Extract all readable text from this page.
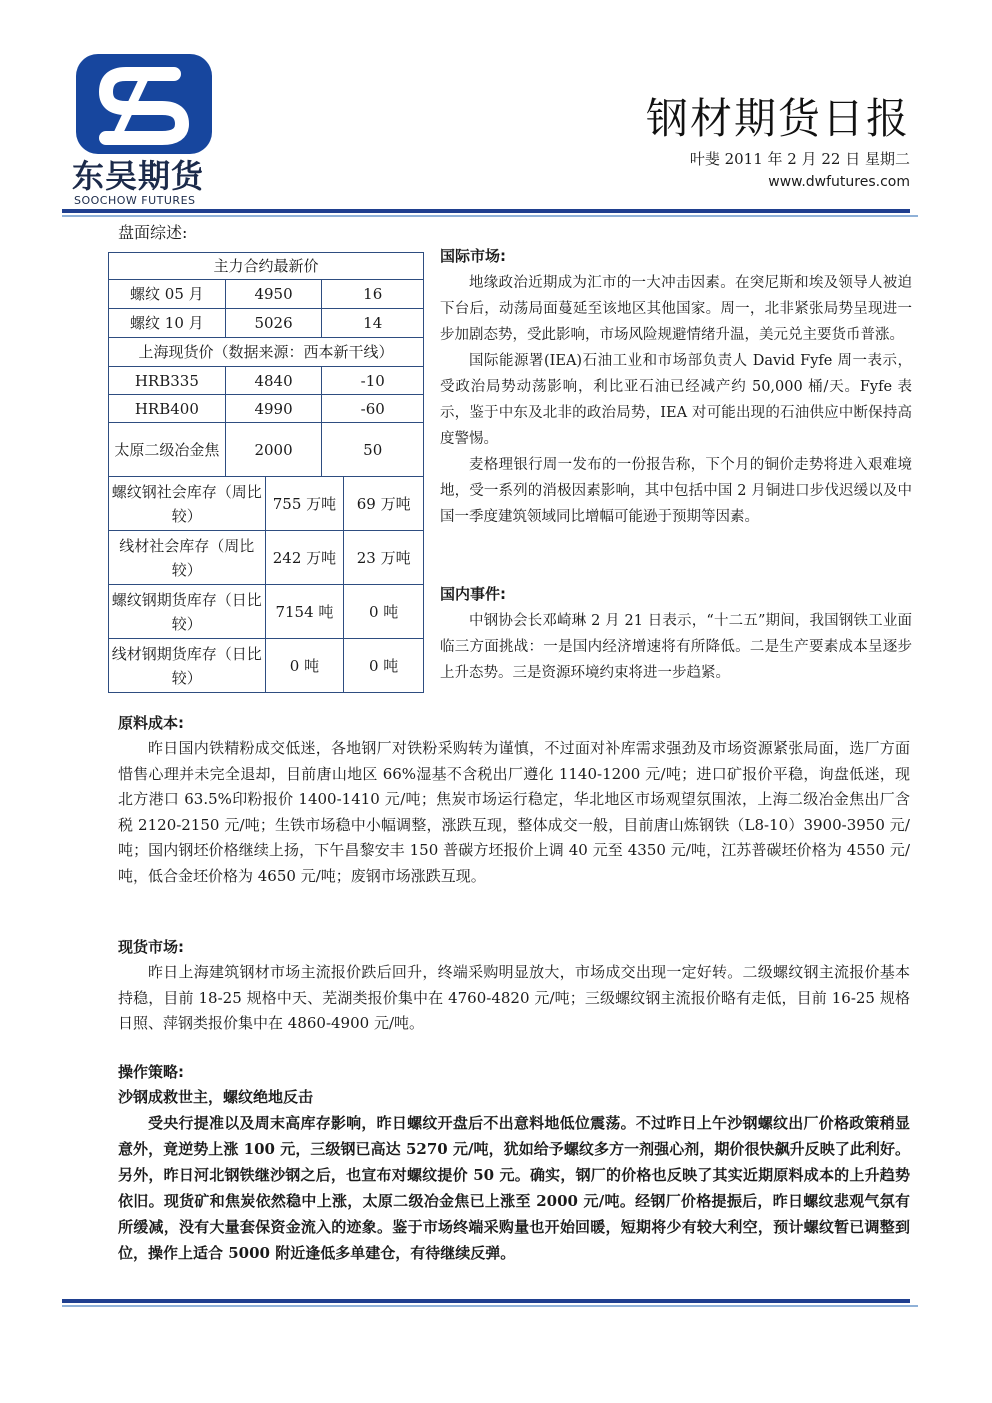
东吴期货
SOOCHOW FUTURES
钢材期货日报
叶斐 2011 年 2 月 22 日 星期二
www.dwfutures.com
盘面综述:
主力合约最新价				
螺纹 05 月	4950		16	
螺纹 10 月	5026		14	
上海现货价（数据来源：西本新干线）				
HRB335	4840		-10	
HRB400	4990		-60	
太原二级冶金焦	2000		50	
螺纹钢社会库存（周比较）		755 万吨		69 万吨
线材社会库存（周比较）		242 万吨		23 万吨
螺纹钢期货库存（日比较）		7154 吨		0 吨
线材钢期货库存（日比较）		0 吨		0 吨
国际市场:

地缘政治近期成为汇市的一大冲击因素。在突尼斯和埃及领导人被迫下台后，动荡局面蔓延至该地区其他国家。周一，北非紧张局势呈现进一步加剧态势，受此影响，市场风险规避情绪升温，美元兑主要货币普涨。

国际能源署(IEA)石油工业和市场部负责人 David Fyfe 周一表示，受政治局势动荡影响，利比亚石油已经减产约 50,000 桶/天。Fyfe 表示，鉴于中东及北非的政治局势，IEA 对可能出现的石油供应中断保持高度警惕。

麦格理银行周一发布的一份报告称，下个月的铜价走势将进入艰难境地，受一系列的消极因素影响，其中包括中国 2 月铜进口步伐迟缓以及中国一季度建筑领域同比增幅可能逊于预期等因素。

国内事件:

中钢协会长邓崎琳 2 月 21 日表示，“十二五”期间，我国钢铁工业面临三方面挑战：一是国内经济增速将有所降低。二是生产要素成本呈逐步上升态势。三是资源环境约束将进一步趋紧。

原料成本:

昨日国内铁精粉成交低迷，各地钢厂对铁粉采购转为谨慎，不过面对补库需求强劲及市场资源紧张局面，选厂方面惜售心理并未完全退却，目前唐山地区 66%湿基不含税出厂遵化 1140-1200 元/吨；进口矿报价平稳，询盘低迷，现北方港口 63.5%印粉报价 1400-1410 元/吨；焦炭市场运行稳定，华北地区市场观望氛围浓，上海二级冶金焦出厂含税 2120-2150 元/吨；生铁市场稳中小幅调整，涨跌互现，整体成交一般，目前唐山炼钢铁（L8-10）3900-3950 元/吨；国内钢坯价格继续上扬，下午昌黎安丰 150 普碳方坯报价上调 40 元至 4350 元/吨，江苏普碳坯价格为 4550 元/吨，低合金坯价格为 4650 元/吨；废钢市场涨跌互现。

现货市场:

昨日上海建筑钢材市场主流报价跌后回升，终端采购明显放大，市场成交出现一定好转。二级螺纹钢主流报价基本持稳，目前 18-25 规格中天、芜湖类报价集中在 4760-4820 元/吨；三级螺纹钢主流报价略有走低，目前 16-25 规格日照、萍钢类报价集中在 4860-4900 元/吨。

操作策略:
沙钢成救世主，螺纹绝地反击

受央行提准以及周末高库存影响，昨日螺纹开盘后不出意料地低位震荡。不过昨日上午沙钢螺纹出厂价格政策稍显意外，竟逆势上涨 100 元，三级钢已高达 5270 元/吨，犹如给予螺纹多方一剂强心剂，期价很快飙升反映了此利好。另外，昨日河北钢铁继沙钢之后，也宣布对螺纹提价 50 元。确实，钢厂的价格也反映了其实近期原料成本的上升趋势依旧。现货矿和焦炭依然稳中上涨，太原二级冶金焦已上涨至 2000 元/吨。经钢厂价格提振后，昨日螺纹悲观气氛有所缓减，没有大量套保资金流入的迹象。鉴于市场终端采购量也开始回暖，短期将少有较大利空，预计螺纹暂已调整到位，操作上适合 5000 附近逢低多单建仓，有待继续反弹。
